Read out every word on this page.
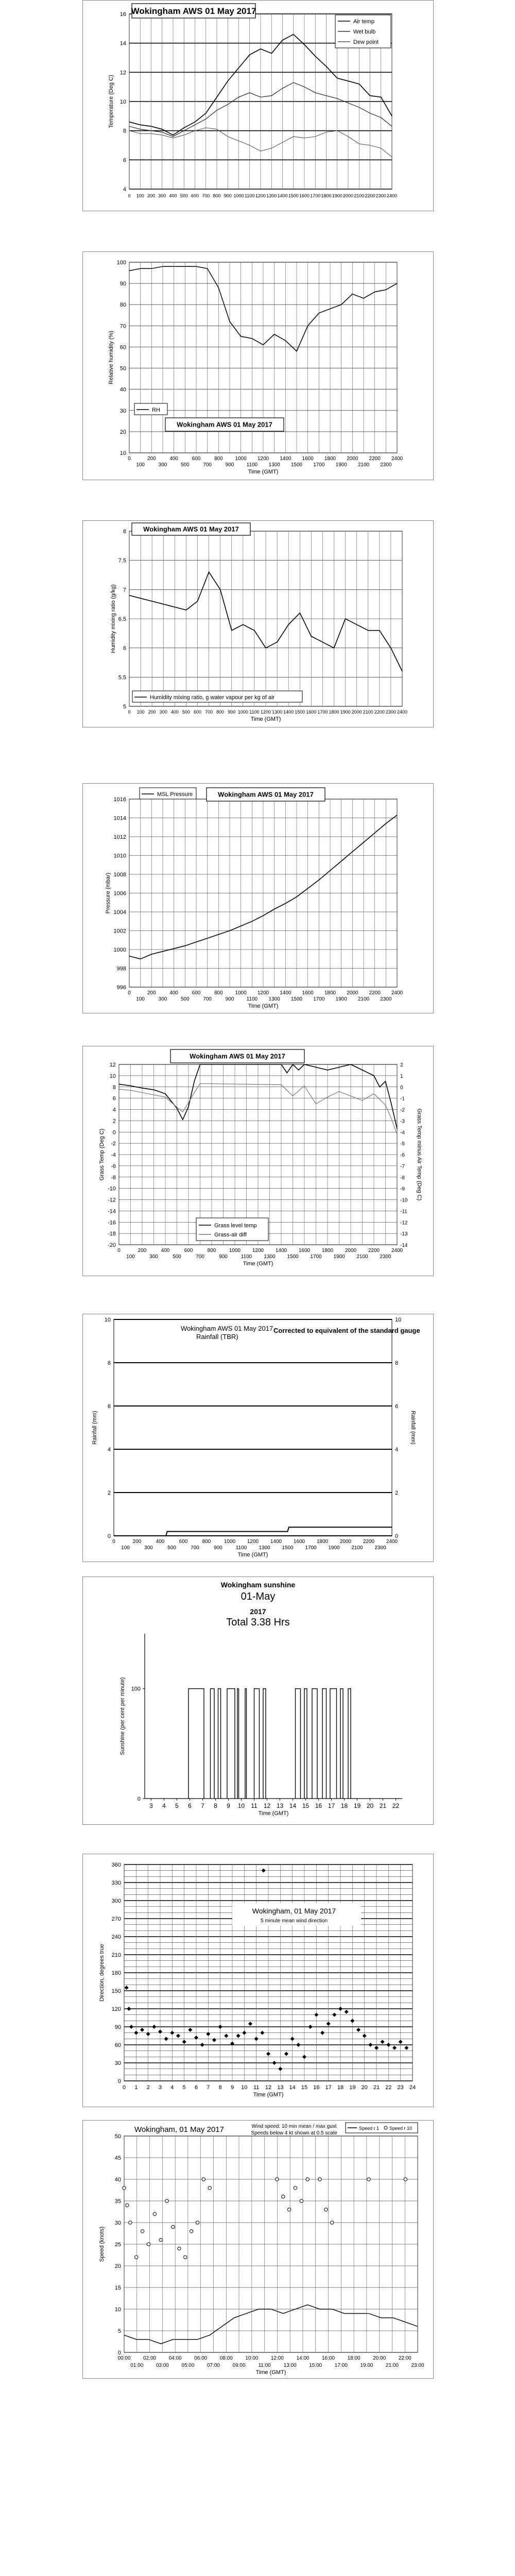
4
6
8
10
12
14
16
0 100 200 300 400 500 600 700 800 900 1000 1100 1200 1300 1400 1500 1600 1700 1800 1900 2000 2100 2200 2300 2400
Temperature (Deg C)
Wokingham AWS 01 May 2017
Air temp
Wet bulb
Dew point
10
20
30
40
50
60
70
80
90
100
0	200	400	600	800 1000 1200 1400 1600 1800 2000 2200 2400
100	300	500	700	900 1100 1300 1500 1700 1900 2100 2300
Time (GMT)
Relative humidity (%)
RH
Wokingham AWS 01 May 2017
5
5.5
6
6.5
7
7.5
8
0 100 200 300 400 500 600 700 800 900 1000 1100 1200 1300 1400 1500 1600 1700 1800 1900 2000 2100 2200 2300 2400
Time (GMT)
Humidity mixing ratio (g/kg)
Humidity mixing ratio, g water vapour per kg of air
Wokingham AWS 01 May 2017
996
998
1000
1002
1004
1006
1008
1010
1012
1014
1016
0	200	400	600	800 1000 1200 1400 1600 1800 2000 2200 2400
100	300	500	700	900 1100 1300 1500 1700 1900 2100 2300
Time (GMT)
Pressure (mbar)
MSL Pressure	Wokingham AWS 01 May 2017
-20
-18
-16
-14
-12
-10
-8
-6
-4
-2
0
2
4
6
8
10
12
-14
-13
-12
-11
-10
-9
-8
-7
-6
-5
-4
-3
-2
-1
0
1
2
0	200	400	600	800	1000 1200 1400 1600 1800 2000 2200 2400
100	300	500	700	900	1100 1300 1500 1700 1900 2100 2300
Time (GMT)
Grass Temp (Deg C)	Grass Temp minus Air Temp (Deg C)
Grass level temp
Grass-air diff
Wokingham AWS 01 May 2017
0	0
2	2
4	4
6	6
8	8
10	10
0	200	400	600	800	1000 1200 1400 1600 1800 2000 2200 2400
100	300	500	700	900	1100 1300 1500 1700 1900 2100 2300
Time (GMT)
Rainfall (mm)	Rainfall (mm)
Wokingham AWS 01 May 2017
Rainfall (TBR)
Corrected to equivalent of the standard gauge
0
100
3 4 5 6 7 8 9 10 11 12 13 14 15 16 17 18 19 20 21 22
Time (GMT)
Sunshine (per cent per minute)
Wokingham sunshine
01-May
2017
Total 3.38 Hrs
0
30
60
90
120
150
180
210
240
270
300
330
360
0 1 2 3 4 5 6 7 8 9 10 11 12 13 14 15 16 17 18 19 20 21 22 23 24
Time (GMT)
Direction, degrees true
Wokingham, 01 May 2017
5 minute mean wind direction
0
5
10
15
20
25
30
35
40
45
50
00:00 02:00 04:00 06:00 08:00 10:00 12:00 14:00 16:00 18:00 20:00 22:00
01:00 03:00 05:00 07:00 09:00 11:00 13:00 15:00 17:00 19:00 21:00 23:00
Time (GMT)
Speed (knots)
Wokingham, 01 May 2017	Wind speed: 10 min mean / max gust
Speeds below 4 kt shown at 0.5 scale
Speed r 1 Speed r 10
